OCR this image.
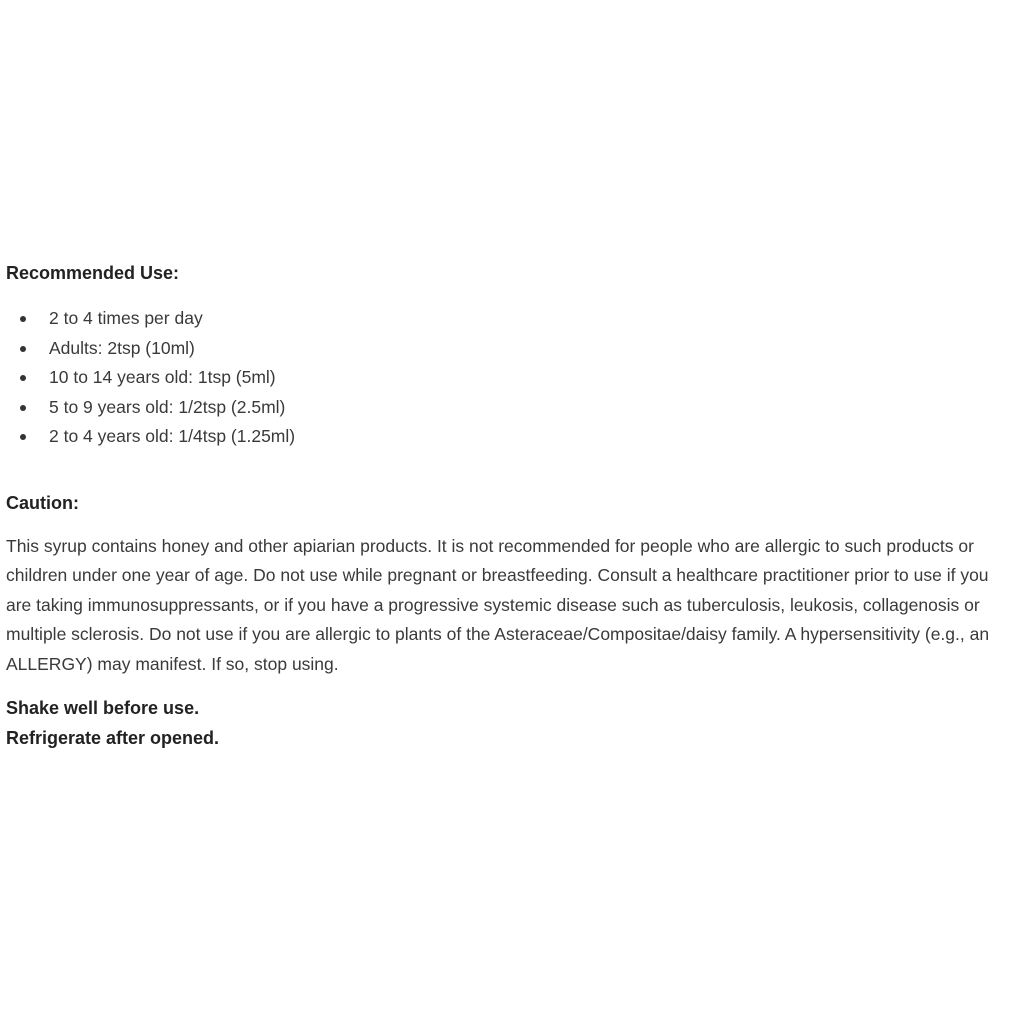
Recommended Use:
2 to 4 times per day
Adults: 2tsp (10ml)
10 to 14 years old: 1tsp (5ml)
5 to 9 years old: 1/2tsp (2.5ml)
2 to 4 years old: 1/4tsp (1.25ml)
Caution:

This syrup contains honey and other apiarian products. It is not recommended for people who are allergic to such products or children under one year of age. Do not use while pregnant or breastfeeding. Consult a healthcare practitioner prior to use if you are taking immunosuppressants, or if you have a progressive systemic disease such as tuberculosis, leukosis, collagenosis or multiple sclerosis. Do not use if you are allergic to plants of the Asteraceae/Compositae/daisy family. A hypersensitivity (e.g., an ALLERGY) may manifest. If so, stop using.

Shake well before use.

Refrigerate after opened.
